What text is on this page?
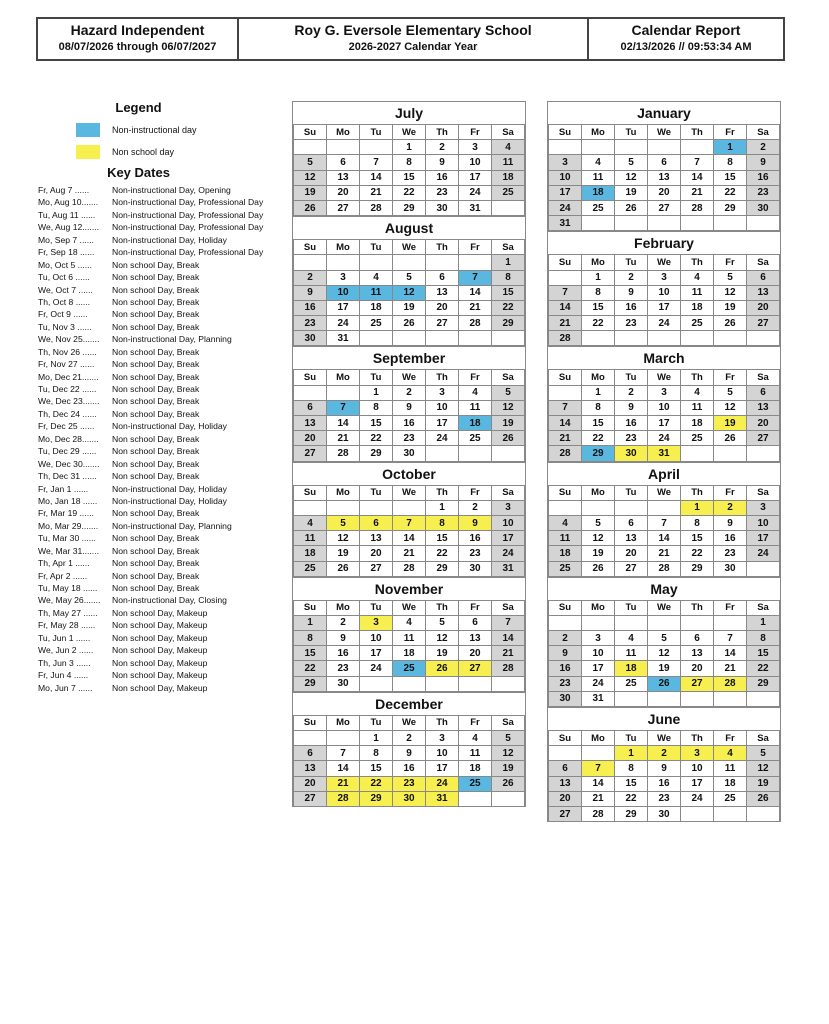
Hazard Independent
08/07/2026 through 06/07/2027
Roy G. Eversole Elementary School
2026-2027 Calendar Year
Calendar Report
02/13/2026 // 09:53:34 AM
Legend
Non-instructional day
Non school day
Key Dates
Fr, Aug 7 ......	Non-instructional Day, Opening
Mo, Aug 10.......	Non-instructional Day, Professional Day
Tu, Aug 11 ......	Non-instructional Day, Professional Day
We, Aug 12.......	Non-instructional Day, Professional Day
Mo, Sep 7 ......	Non-instructional Day, Holiday
Fr, Sep 18 ......	Non-instructional Day, Professional Day
Mo, Oct 5 ......	Non school Day, Break
Tu, Oct 6 ......	Non school Day, Break
We, Oct 7 ......	Non school Day, Break
Th, Oct 8 ......	Non school Day, Break
Fr, Oct 9 ......	Non school Day, Break
Tu, Nov 3 ......	Non school Day, Break
We, Nov 25.......	Non-instructional Day, Planning
Th, Nov 26 ......	Non school Day, Break
Fr, Nov 27 ......	Non school Day, Break
Mo, Dec 21.......	Non school Day, Break
Tu, Dec 22 ......	Non school Day, Break
We, Dec 23.......	Non school Day, Break
Th, Dec 24 ......	Non school Day, Break
Fr, Dec 25 ......	Non-instructional Day, Holiday
Mo, Dec 28.......	Non school Day, Break
Tu, Dec 29 ......	Non school Day, Break
We, Dec 30.......	Non school Day, Break
Th, Dec 31 ......	Non school Day, Break
Fr, Jan 1 ......	Non-instructional Day, Holiday
Mo, Jan 18 ......	Non-instructional Day, Holiday
Fr, Mar 19 ......	Non school Day, Break
Mo, Mar 29.......	Non-instructional Day, Planning
Tu, Mar 30 ......	Non school Day, Break
We, Mar 31.......	Non school Day, Break
Th, Apr 1 ......	Non school Day, Break
Fr, Apr 2 ......	Non school Day, Break
Tu, May 18 ......	Non school Day, Break
We, May 26.......	Non-instructional Day, Closing
Th, May 27 ......	Non school Day, Makeup
Fr, May 28 ......	Non school Day, Makeup
Tu, Jun 1 ......	Non school Day, Makeup
We, Jun 2 ......	Non school Day, Makeup
Th, Jun 3 ......	Non school Day, Makeup
Fr, Jun 4 ......	Non school Day, Makeup
Mo, Jun 7 ......	Non school Day, Makeup
July
Su	Mo	Tu	We	Th	Fr	Sa
			1	2	3	4
5	6	7	8	9	10	11
12	13	14	15	16	17	18
19	20	21	22	23	24	25
26	27	28	29	30	31	
August
Su	Mo	Tu	We	Th	Fr	Sa
						1
2	3	4	5	6	7	8
9	10	11	12	13	14	15
16	17	18	19	20	21	22
23	24	25	26	27	28	29
30	31					
September
Su	Mo	Tu	We	Th	Fr	Sa
		1	2	3	4	5
6	7	8	9	10	11	12
13	14	15	16	17	18	19
20	21	22	23	24	25	26
27	28	29	30			
October
Su	Mo	Tu	We	Th	Fr	Sa
				1	2	3
4	5	6	7	8	9	10
11	12	13	14	15	16	17
18	19	20	21	22	23	24
25	26	27	28	29	30	31
November
Su	Mo	Tu	We	Th	Fr	Sa
1	2	3	4	5	6	7
8	9	10	11	12	13	14
15	16	17	18	19	20	21
22	23	24	25	26	27	28
29	30					
December
Su	Mo	Tu	We	Th	Fr	Sa
		1	2	3	4	5
6	7	8	9	10	11	12
13	14	15	16	17	18	19
20	21	22	23	24	25	26
27	28	29	30	31		
January
Su	Mo	Tu	We	Th	Fr	Sa
					1	2
3	4	5	6	7	8	9
10	11	12	13	14	15	16
17	18	19	20	21	22	23
24	25	26	27	28	29	30
31						
February
Su	Mo	Tu	We	Th	Fr	Sa
	1	2	3	4	5	6
7	8	9	10	11	12	13
14	15	16	17	18	19	20
21	22	23	24	25	26	27
28						
March
Su	Mo	Tu	We	Th	Fr	Sa
	1	2	3	4	5	6
7	8	9	10	11	12	13
14	15	16	17	18	19	20
21	22	23	24	25	26	27
28	29	30	31			
April
Su	Mo	Tu	We	Th	Fr	Sa
				1	2	3
4	5	6	7	8	9	10
11	12	13	14	15	16	17
18	19	20	21	22	23	24
25	26	27	28	29	30	
May
Su	Mo	Tu	We	Th	Fr	Sa
						1
2	3	4	5	6	7	8
9	10	11	12	13	14	15
16	17	18	19	20	21	22
23	24	25	26	27	28	29
30	31					
June
Su	Mo	Tu	We	Th	Fr	Sa
		1	2	3	4	5
6	7	8	9	10	11	12
13	14	15	16	17	18	19
20	21	22	23	24	25	26
27	28	29	30			
